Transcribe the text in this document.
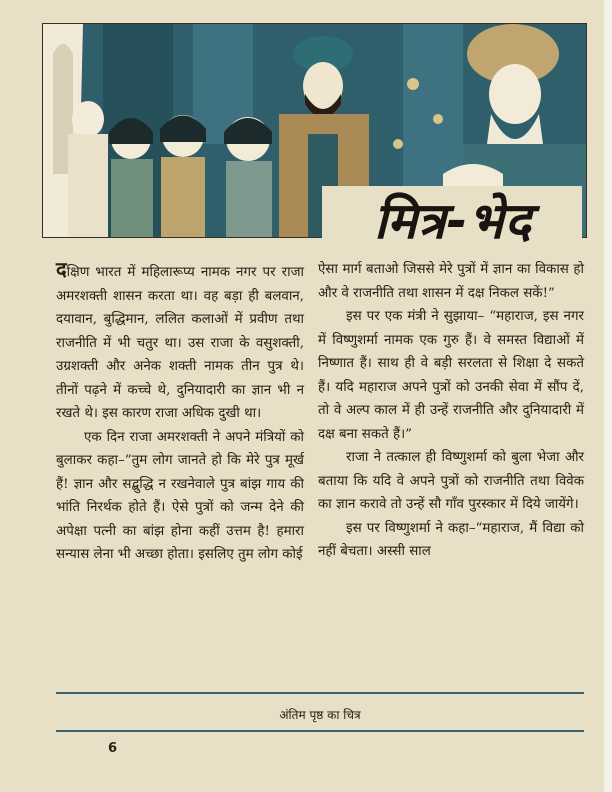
मित्र-भेद

दक्षिण भारत में महिलारूप्य नामक नगर पर राजा अमरशक्ती शासन करता था। वह बड़ा ही बलवान, दयावान, बुद्धिमान, ललित कलाओं में प्रवीण तथा राजनीति में भी चतुर था। उस राजा के वसुशक्ती, उग्रशक्ती और अनेक शक्ती नामक तीन पुत्र थे। तीनों पढ़ने में कच्चे थे, दुनियादारी का ज्ञान भी न रखते थे। इस कारण राजा अधिक दुखी था।

एक दिन राजा अमरशक्ती ने अपने मंत्रियों को बुलाकर कहा–“तुम लोग जानते हो कि मेरे पुत्र मूर्ख हैं! ज्ञान और सद्बुद्धि न रखनेवाले पुत्र बांझ गाय की भांति निरर्थक होते हैं। ऐसे पुत्रों को जन्म देने की अपेक्षा पत्नी का बांझ होना कहीं उत्तम है! हमारा सन्यास लेना भी अच्छा होता। इसलिए तुम लोग कोई

ऐसा मार्ग बताओ जिससे मेरे पुत्रों में ज्ञान का विकास हो और वे राजनीति तथा शासन में दक्ष निकल सकें!”

इस पर एक मंत्री ने सुझाया– “महाराज, इस नगर में विष्णुशर्मा नामक एक गुरु हैं। वे समस्त विद्याओं में निष्णात हैं। साथ ही वे बड़ी सरलता से शिक्षा दे सकते हैं। यदि महाराज अपने पुत्रों को उनकी सेवा में सौंप दें, तो वे अल्प काल में ही उन्हें राजनीति और दुनियादारी में दक्ष बना सकते हैं।”

राजा ने तत्काल ही विष्णुशर्मा को बुला भेजा और बताया कि यदि वे अपने पुत्रों को राजनीति तथा विवेक का ज्ञान करावे तो उन्हें सौ गाँव पुरस्कार में दिये जायेंगे।

इस पर विष्णुशर्मा ने कहा–“महाराज, मैं विद्या को नहीं बेचता। अस्सी साल

अंतिम पृष्ठ का चित्र
6
